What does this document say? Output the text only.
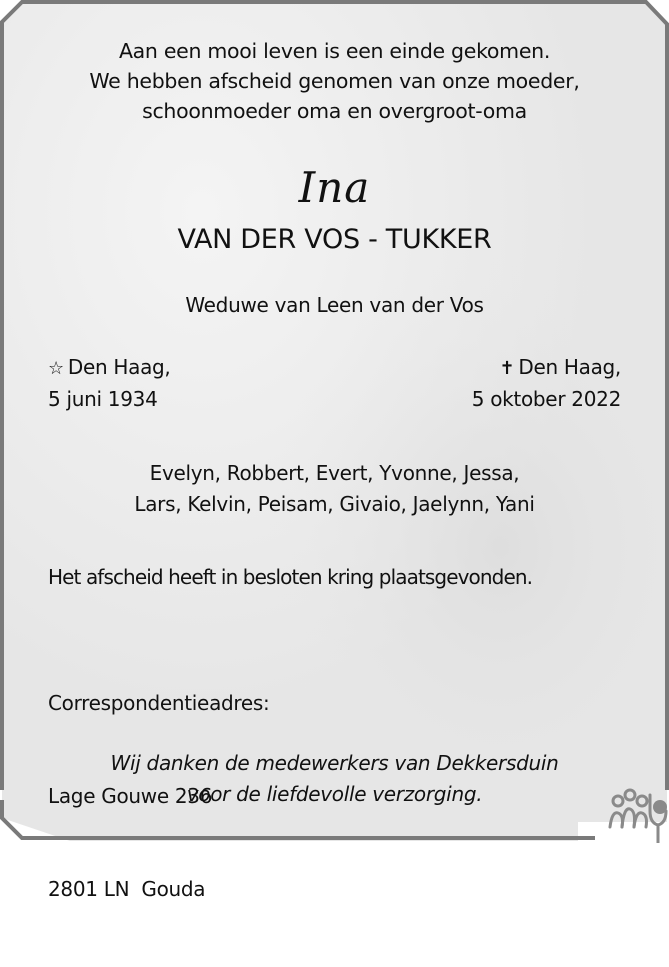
Aan een mooi leven is een einde gekomen.
We hebben afscheid genomen van onze moeder,
schoonmoeder oma en overgroot-oma
Ina
VAN DER VOS - TUKKER
Weduwe van Leen van der Vos
☆ Den Haag,
5 juni 1934
✝ Den Haag,
5 oktober 2022
Evelyn, Robbert, Evert, Yvonne, Jessa,
Lars, Kelvin, Peisam, Givaio, Jaelynn, Yani
Het afscheid heeft in besloten kring plaatsgevonden.

Correspondentieadres:

Lage Gouwe 236

2801 LN  Gouda

Wij danken de medewerkers van Dekkersduin
voor de liefdevolle verzorging.
